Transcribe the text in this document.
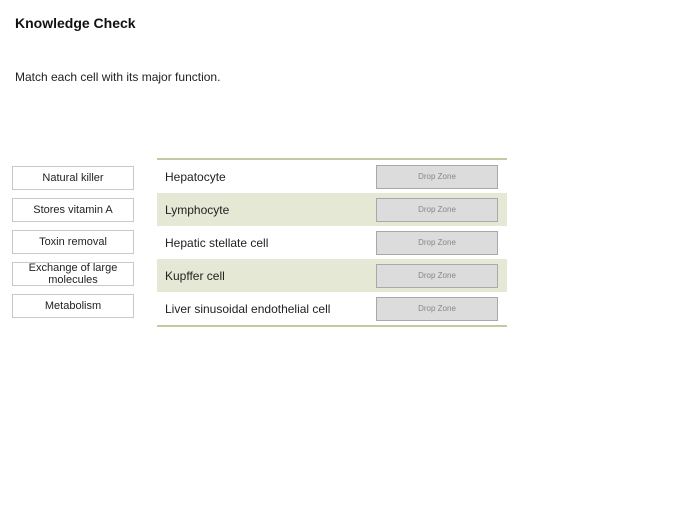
Knowledge Check
Match each cell with its major function.
Natural killer
Stores vitamin A
Toxin removal
Exchange of large molecules
Metabolism
Hepatocyte	Drop Zone
Lymphocyte	Drop Zone
Hepatic stellate cell	Drop Zone
Kupffer cell	Drop Zone
Liver sinusoidal endothelial cell	Drop Zone
